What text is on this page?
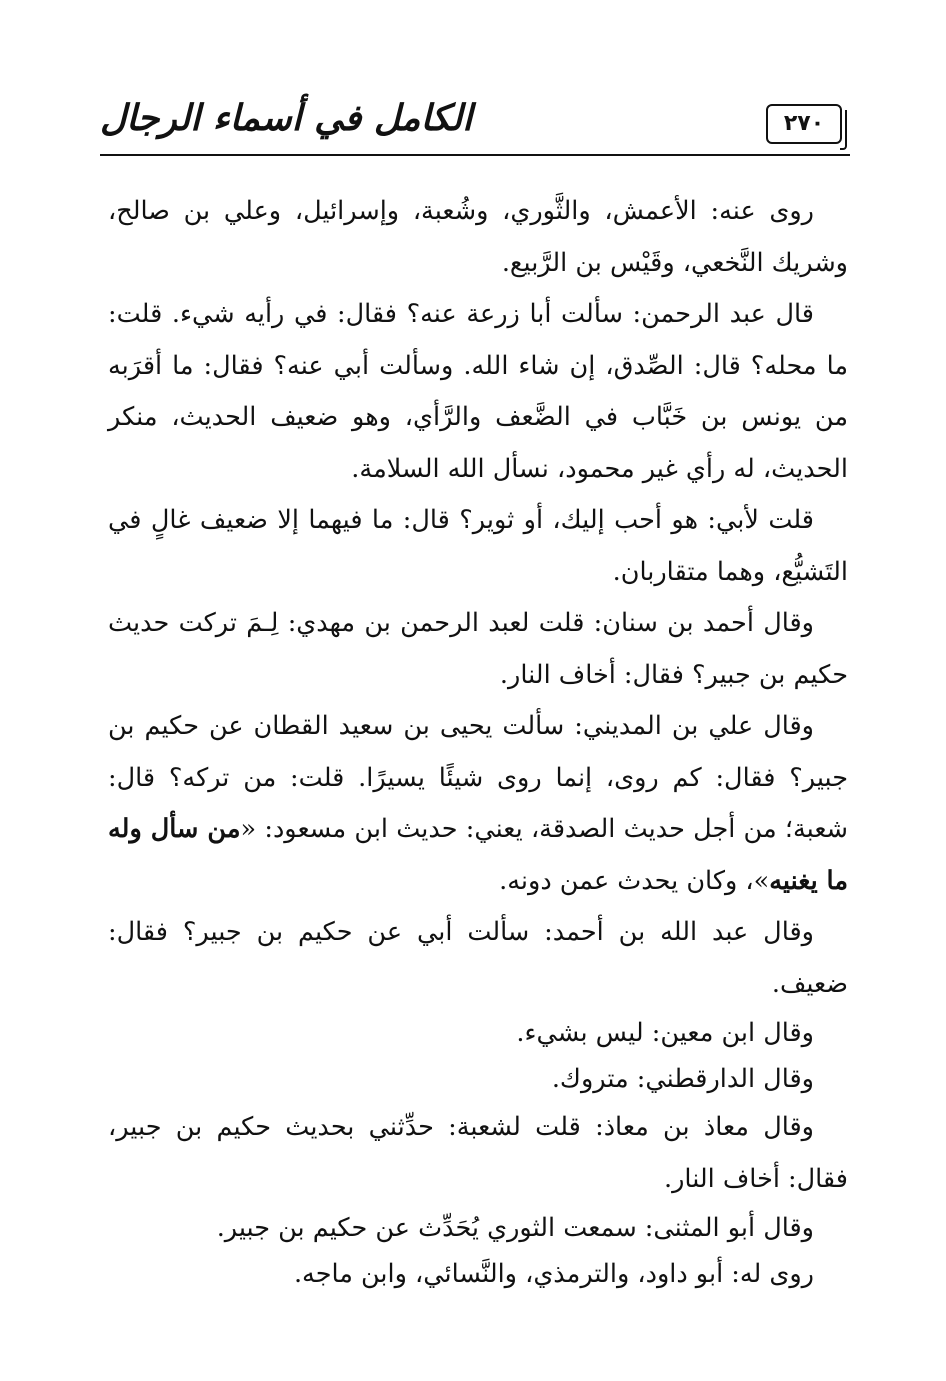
الكامل في أسماء الرجال	٢٧٠

روى عنه: الأعمش، والثَّوري، وشُعبة، وإسرائيل، وعلي بن صالح، وشريك النَّخعي، وقَيْس بن الرَّبيع.

قال عبد الرحمن: سألت أبا زرعة عنه؟ فقال: في رأيه شيء. قلت: ما محله؟ قال: الصِّدق، إن شاء الله. وسألت أبي عنه؟ فقال: ما أقرَبه من يونس بن خَبَّاب في الضَّعف والرَّأي، وهو ضعيف الحديث، منكر الحديث، له رأي غير محمود، نسأل الله السلامة.

قلت لأبي: هو أحب إليك، أو ثوير؟ قال: ما فيهما إلا ضعيف غالٍ في التَشيُّع، وهما متقاربان.

وقال أحمد بن سنان: قلت لعبد الرحمن بن مهدي: لِـمَ تركت حديث حكيم بن جبير؟ فقال: أخاف النار.

وقال علي بن المديني: سألت يحيى بن سعيد القطان عن حكيم بن جبير؟ فقال: كم روى، إنما روى شيئًا يسيرًا. قلت: من تركه؟ قال: شعبة؛ من أجل حديث الصدقة، يعني: حديث ابن مسعود: «من سأل وله ما يغنيه»، وكان يحدث عمن دونه.

وقال عبد الله بن أحمد: سألت أبي عن حكيم بن جبير؟ فقال: ضعيف.

وقال ابن معين: ليس بشيء.

وقال الدارقطني: متروك.

وقال معاذ بن معاذ: قلت لشعبة: حدِّثني بحديث حكيم بن جبير، فقال: أخاف النار.

وقال أبو المثنى: سمعت الثوري يُحَدِّث عن حكيم بن جبير.

روى له: أبو داود، والترمذي، والنَّسائي، وابن ماجه.
